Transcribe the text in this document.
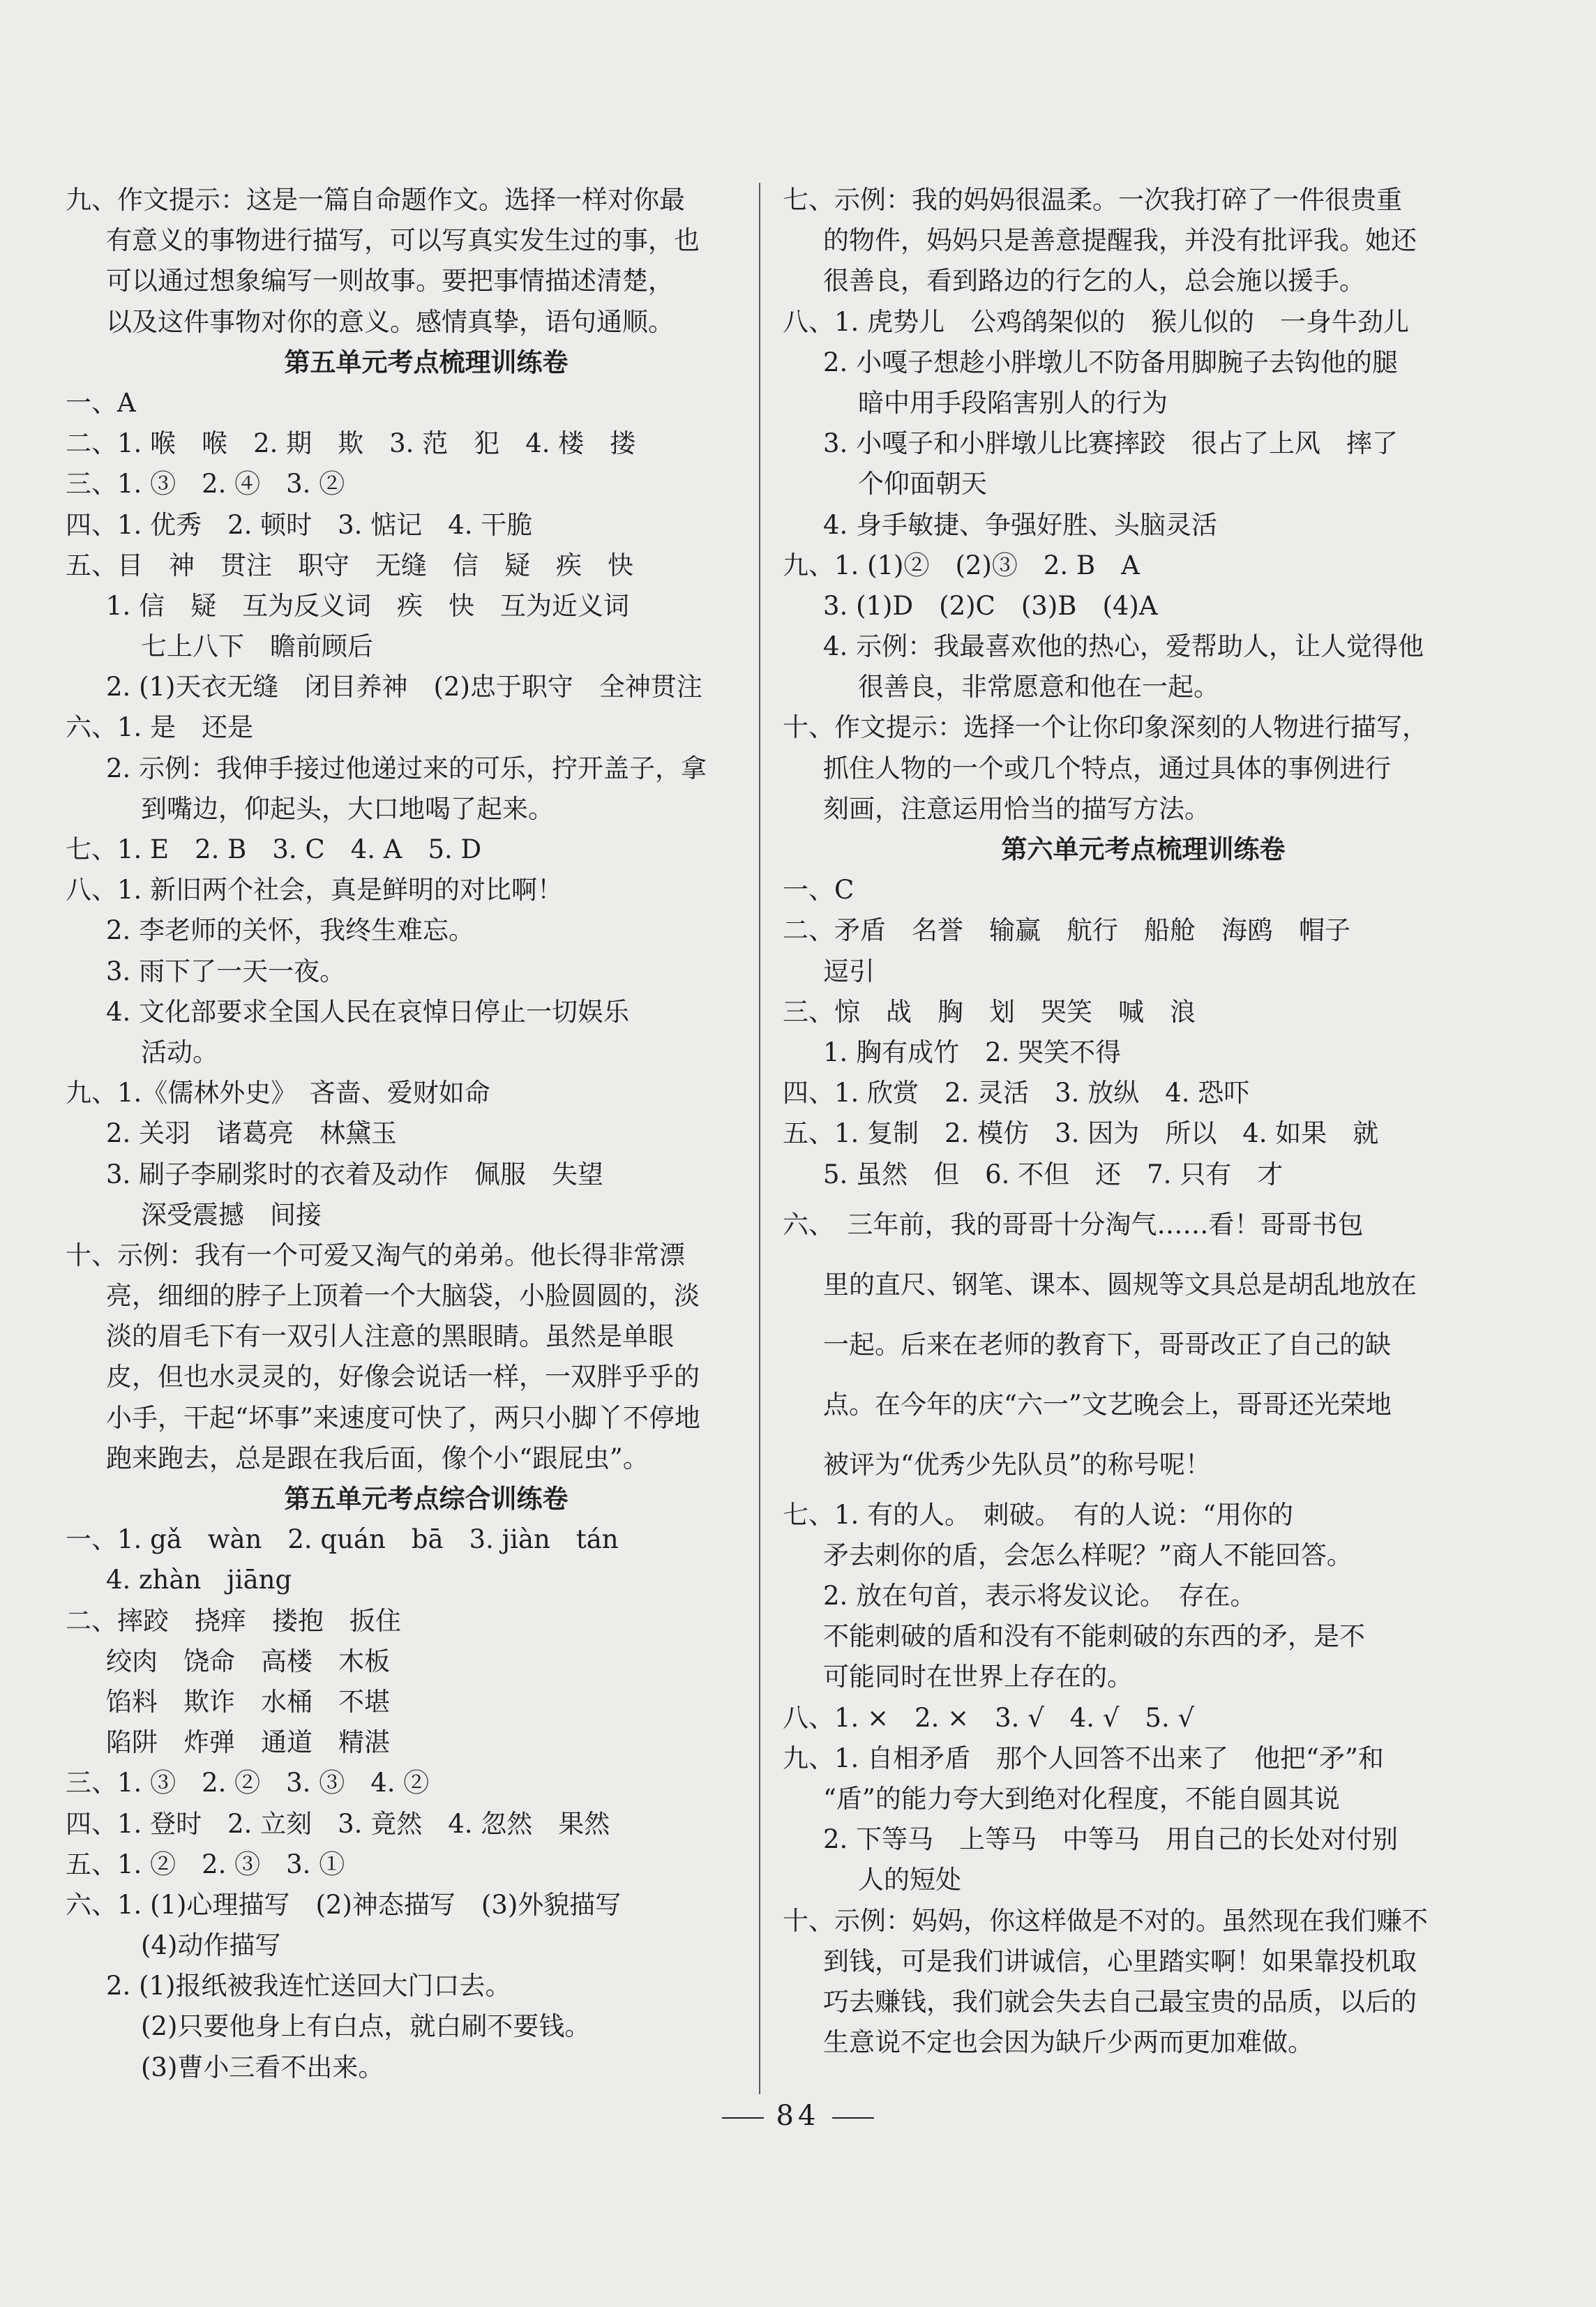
九、作文提示：这是一篇自命题作文。选择一样对你最
有意义的事物进行描写，可以写真实发生过的事，也
可以通过想象编写一则故事。要把事情描述清楚，
以及这件事物对你的意义。感情真挚，语句通顺。
第五单元考点梳理训练卷
一、A
二、1. 喉　喉　2. 期　欺　3. 范　犯　4. 楼　搂
三、1. ③　2. ④　3. ②
四、1. 优秀　2. 顿时　3. 惦记　4. 干脆
五、目　神　贯注　职守　无缝　信　疑　疾　快
1. 信　疑　互为反义词　疾　快　互为近义词
七上八下　瞻前顾后
2. (1)天衣无缝　闭目养神　(2)忠于职守　全神贯注
六、1. 是　还是
2. 示例：我伸手接过他递过来的可乐，拧开盖子，拿
到嘴边，仰起头，大口地喝了起来。
七、1. E　2. B　3. C　4. A　5. D
八、1. 新旧两个社会，真是鲜明的对比啊！
2. 李老师的关怀，我终生难忘。
3. 雨下了一天一夜。
4. 文化部要求全国人民在哀悼日停止一切娱乐
活动。
九、1.《儒林外史》　吝啬、爱财如命
2. 关羽　诸葛亮　林黛玉
3. 刷子李刷浆时的衣着及动作　佩服　失望
深受震撼　间接
十、示例：我有一个可爱又淘气的弟弟。他长得非常漂
亮，细细的脖子上顶着一个大脑袋，小脸圆圆的，淡
淡的眉毛下有一双引人注意的黑眼睛。虽然是单眼
皮，但也水灵灵的，好像会说话一样，一双胖乎乎的
小手，干起“坏事”来速度可快了，两只小脚丫不停地
跑来跑去，总是跟在我后面，像个小“跟屁虫”。
第五单元考点综合训练卷
一、1. gǎ　wàn　2. quán　bā　3. jiàn　tán
4. zhàn　jiāng
二、摔跤　挠痒　搂抱　扳住
绞肉　饶命　高楼　木板
馅料　欺诈　水桶　不堪
陷阱　炸弹　通道　精湛
三、1. ③　2. ②　3. ③　4. ②
四、1. 登时　2. 立刻　3. 竟然　4. 忽然　果然
五、1. ②　2. ③　3. ①
六、1. (1)心理描写　(2)神态描写　(3)外貌描写
(4)动作描写
2. (1)报纸被我连忙送回大门口去。
(2)只要他身上有白点，就白刷不要钱。
(3)曹小三看不出来。
七、示例：我的妈妈很温柔。一次我打碎了一件很贵重
的物件，妈妈只是善意提醒我，并没有批评我。她还
很善良，看到路边的行乞的人，总会施以援手。
八、1. 虎势儿　公鸡鹐架似的　猴儿似的　一身牛劲儿
2. 小嘎子想趁小胖墩儿不防备用脚腕子去钩他的腿
暗中用手段陷害别人的行为
3. 小嘎子和小胖墩儿比赛摔跤　很占了上风　摔了
个仰面朝天
4. 身手敏捷、争强好胜、头脑灵活
九、1. (1)②　(2)③　2. B　A
3. (1)D　(2)C　(3)B　(4)A
4. 示例：我最喜欢他的热心，爱帮助人，让人觉得他
很善良，非常愿意和他在一起。
十、作文提示：选择一个让你印象深刻的人物进行描写，
抓住人物的一个或几个特点，通过具体的事例进行
刻画，注意运用恰当的描写方法。
第六单元考点梳理训练卷
一、C
二、矛盾　名誉　输赢　航行　船舱　海鸥　帽子
逗引
三、惊　战　胸　划　哭笑　喊　浪
1. 胸有成竹　2. 哭笑不得
四、1. 欣赏　2. 灵活　3. 放纵　4. 恐吓
五、1. 复制　2. 模仿　3. 因为　所以　4. 如果　就
5. 虽然　但　6. 不但　还　7. 只有　才
六、　三年前，我的哥哥十分淘气……看！哥哥书包
里的直尺、钢笔、课本、圆规等文具总是胡乱地放在
一起。后来在老师的教育下，哥哥改正了自己的缺
点。在今年的庆“六一”文艺晚会上，哥哥还光荣地
被评为“优秀少先队员”的称号呢！
七、1. 有的人。　刺破。　有的人说：“用你的
矛去刺你的盾，会怎么样呢？”商人不能回答。
2. 放在句首，表示将发议论。　存在。
不能刺破的盾和没有不能刺破的东西的矛，是不
可能同时在世界上存在的。
八、1. ×　2. ×　3. √　4. √　5. √
九、1. 自相矛盾　那个人回答不出来了　他把“矛”和
“盾”的能力夸大到绝对化程度，不能自圆其说
2. 下等马　上等马　中等马　用自己的长处对付别
人的短处
十、示例：妈妈，你这样做是不对的。虽然现在我们赚不
到钱，可是我们讲诚信，心里踏实啊！如果靠投机取
巧去赚钱，我们就会失去自己最宝贵的品质，以后的
生意说不定也会因为缺斤少两而更加难做。
84
